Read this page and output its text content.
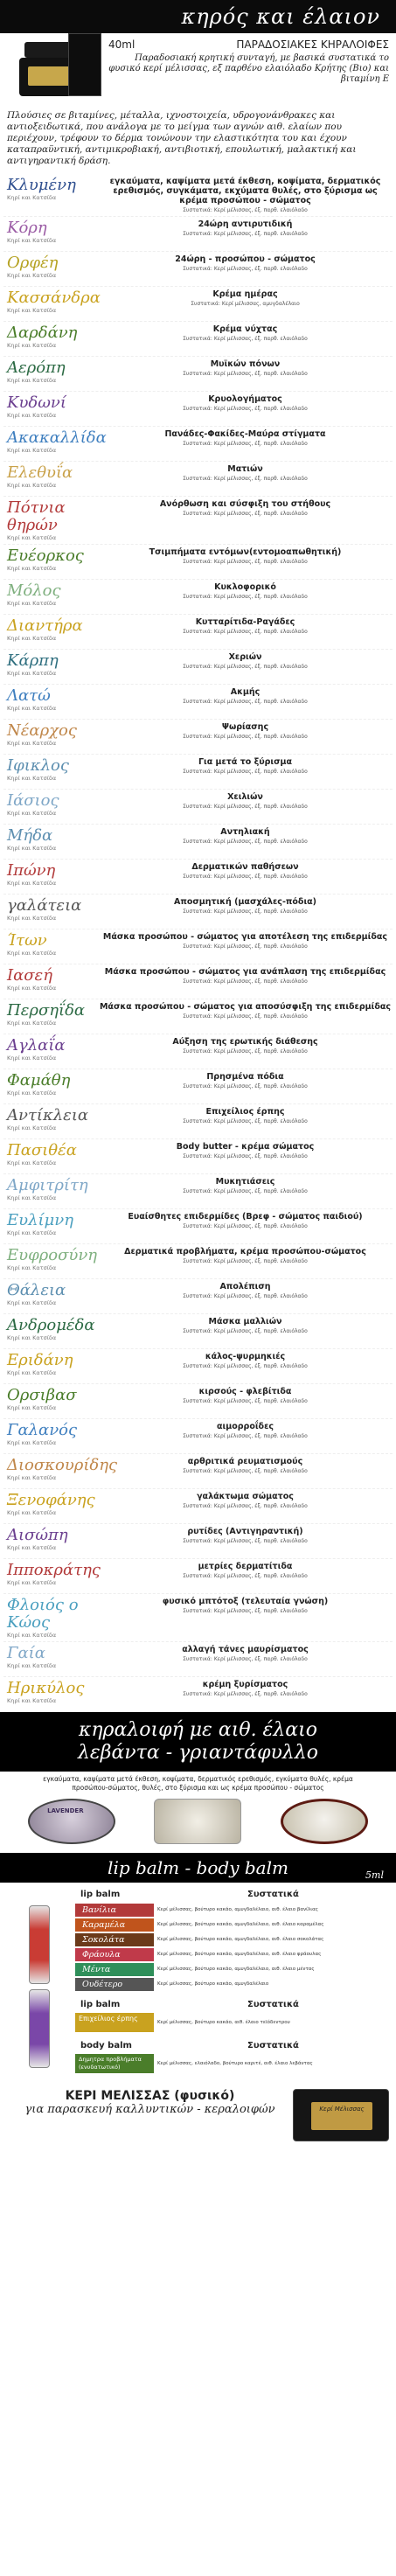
κηρός και έλαιον
40ml	ΠΑΡΑΔΟΣΙΑΚΕΣ ΚΗΡΑΛΟΙΦΕΣ
Παραδοσιακή κρητική συνταγή, με βασικά συστατικά το φυσικό κερί μέλισσας, εξ παρθένο ελαιόλαδο Κρήτης (Βιο) και βιταμίνη E
Πλούσιες σε βιταμίνες, μέταλλα, ιχνοστοιχεία, υδρογονάνθρακες και αντιοξειδωτικά, που ανάλογα με το μείγμα των αγνών αιθ. ελαίων που περιέχουν, τρέφουν το δέρμα τονώνουν την ελαστικότητα του και έχουν καταπραϋντική, αντιμικροβιακή, αντιβιοτική, επουλωτική, μαλακτική και αντιγηραντική δράση.
Κλυμένη
Κηρί και Κατσίδα
εγκαύματα, καψίματα μετά έκθεση, κοψίματα, δερματικός ερεθισμός, συγκάματα, εκχύματα θυλές, στο ξύρισμα ως κρέμα προσώπου - σώματος
Συστατικά: Κερί μέλισσας, έξ. παρθ. ελαιόλαδο
Κόρη
Κηρί και Κατσίδα
24ώρη αντιρυτιδική
Συστατικά: Κερί μέλισσας, έξ. παρθ. ελαιόλαδο
Ορφέη
Κηρί και Κατσίδα
24ώρη - προσώπου - σώματος
Συστατικά: Κερί μέλισσας, έξ. παρθ. ελαιόλαδο
Κασσάνδρα
Κηρί και Κατσίδα
Κρέμα ημέρας
Συστατικά: Κερί μέλισσας, αμυγδαλέλαιο
Δαρδάνη
Κηρί και Κατσίδα
Κρέμα νύχτας
Συστατικά: Κερί μέλισσας, έξ. παρθ. ελαιόλαδο
Αερόπη
Κηρί και Κατσίδα
Μυϊκών πόνων
Συστατικά: Κερί μέλισσας, έξ. παρθ. ελαιόλαδο
Κυδωνί
Κηρί και Κατσίδα
Κρυολογήματος
Συστατικά: Κερί μέλισσας, έξ. παρθ. ελαιόλαδο
Ακακαλλίδα
Κηρί και Κατσίδα
Πανάδες-Φακίδες-Μαύρα στίγματα
Συστατικά: Κερί μέλισσας, έξ. παρθ. ελαιόλαδο
Ελεθυΐα
Κηρί και Κατσίδα
Ματιών
Συστατικά: Κερί μέλισσας, έξ. παρθ. ελαιόλαδο
Πότνια θηρών
Κηρί και Κατσίδα
Ανόρθωση και σύσφιξη του στήθους
Συστατικά: Κερί μέλισσας, έξ. παρθ. ελαιόλαδο
Ευέορκος
Κηρί και Κατσίδα
Τσιμπήματα εντόμων(εντομοαπωθητική)
Συστατικά: Κερί μέλισσας, έξ. παρθ. ελαιόλαδο
Μόλος
Κηρί και Κατσίδα
Κυκλοφορικό
Συστατικά: Κερί μέλισσας, έξ. παρθ. ελαιόλαδο
Διαντήρα
Κηρί και Κατσίδα
Κυτταρίτιδα-Ραγάδες
Συστατικά: Κερί μέλισσας, έξ. παρθ. ελαιόλαδο
Κάρπη
Κηρί και Κατσίδα
Χεριών
Συστατικά: Κερί μέλισσας, έξ. παρθ. ελαιόλαδο
Λατώ
Κηρί και Κατσίδα
Ακμής
Συστατικά: Κερί μέλισσας, έξ. παρθ. ελαιόλαδο
Νέαρχος
Κηρί και Κατσίδα
Ψωρίασης
Συστατικά: Κερί μέλισσας, έξ. παρθ. ελαιόλαδο
Ιφικλος
Κηρί και Κατσίδα
Για μετά το ξύρισμα
Συστατικά: Κερί μέλισσας, έξ. παρθ. ελαιόλαδο
Ιάσιος
Κηρί και Κατσίδα
Χειλιών
Συστατικά: Κερί μέλισσας, έξ. παρθ. ελαιόλαδο
Μήδα
Κηρί και Κατσίδα
Αντηλιακή
Συστατικά: Κερί μέλισσας, έξ. παρθ. ελαιόλαδο
Ιπώνη
Κηρί και Κατσίδα
Δερματικών παθήσεων
Συστατικά: Κερί μέλισσας, έξ. παρθ. ελαιόλαδο
γαλάτεια
Κηρί και Κατσίδα
Αποσμητική (μασχάλες-πόδια)
Συστατικά: Κερί μέλισσας, έξ. παρθ. ελαιόλαδο
Ίτων
Κηρί και Κατσίδα
Μάσκα προσώπου - σώματος για αποτέλεση της επιδερμίδας
Συστατικά: Κερί μέλισσας, έξ. παρθ. ελαιόλαδο
Ιασεή
Κηρί και Κατσίδα
Μάσκα προσώπου - σώματος για ανάπλαση της επιδερμίδας
Συστατικά: Κερί μέλισσας, έξ. παρθ. ελαιόλαδο
Περσηΐδα
Κηρί και Κατσίδα
Μάσκα προσώπου - σώματος για αποσύσφιξη της επιδερμίδας
Συστατικά: Κερί μέλισσας, έξ. παρθ. ελαιόλαδο
Αγλαΐα
Κηρί και Κατσίδα
Αύξηση της ερωτικής διάθεσης
Συστατικά: Κερί μέλισσας, έξ. παρθ. ελαιόλαδο
Φαμάθη
Κηρί και Κατσίδα
Πρησμένα πόδια
Συστατικά: Κερί μέλισσας, έξ. παρθ. ελαιόλαδο
Αντίκλεια
Κηρί και Κατσίδα
Επιχείλιος έρπης
Συστατικά: Κερί μέλισσας, έξ. παρθ. ελαιόλαδο
Πασιθέα
Κηρί και Κατσίδα
Body butter - κρέμα σώματος
Συστατικά: Κερί μέλισσας, έξ. παρθ. ελαιόλαδο
Αμφιτρίτη
Κηρί και Κατσίδα
Μυκητιάσεις
Συστατικά: Κερί μέλισσας, έξ. παρθ. ελαιόλαδο
Ευλίμνη
Κηρί και Κατσίδα
Ευαίσθητες επιδερμίδες (Βρεφ - σώματος παιδιού)
Συστατικά: Κερί μέλισσας, έξ. παρθ. ελαιόλαδο
Ευφροσύνη
Κηρί και Κατσίδα
Δερματικά προβλήματα, κρέμα προσώπου-σώματος
Συστατικά: Κερί μέλισσας, έξ. παρθ. ελαιόλαδο
Θάλεια
Κηρί και Κατσίδα
Απολέπιση
Συστατικά: Κερί μέλισσας, έξ. παρθ. ελαιόλαδο
Ανδρομέδα
Κηρί και Κατσίδα
Μάσκα μαλλιών
Συστατικά: Κερί μέλισσας, έξ. παρθ. ελαιόλαδο
Εριδάνη
Κηρί και Κατσίδα
κάλος-ψυρμηκιές
Συστατικά: Κερί μέλισσας, έξ. παρθ. ελαιόλαδο
Ορσιβασ
Κηρί και Κατσίδα
κιρσούς - φλεβίτιδα
Συστατικά: Κερί μέλισσας, έξ. παρθ. ελαιόλαδο
Γαλανός
Κηρί και Κατσίδα
αιμορροΐδες
Συστατικά: Κερί μέλισσας, έξ. παρθ. ελαιόλαδο
Διοσκουρίδης
Κηρί και Κατσίδα
αρθριτικά ρευματισμούς
Συστατικά: Κερί μέλισσας, έξ. παρθ. ελαιόλαδο
Ξενοφάνης
Κηρί και Κατσίδα
γαλάκτωμα σώματος
Συστατικά: Κερί μέλισσας, έξ. παρθ. ελαιόλαδο
Αισώπη
Κηρί και Κατσίδα
ρυτίδες (Αντιγηραντική)
Συστατικά: Κερί μέλισσας, έξ. παρθ. ελαιόλαδο
Ιπποκράτης
Κηρί και Κατσίδα
μετρίες δερματίτιδα
Συστατικά: Κερί μέλισσας, έξ. παρθ. ελαιόλαδο
Φλοιός ο Κώος
Κηρί και Κατσίδα
φυσικό μπτότοξ (τελευταία γνώση)
Συστατικά: Κερί μέλισσας, έξ. παρθ. ελαιόλαδο
Γαία
Κηρί και Κατσίδα
αλλαγή τάνες μαυρίσματος
Συστατικά: Κερί μέλισσας, έξ. παρθ. ελαιόλαδο
Ηρικύλος
Κηρί και Κατσίδα
κρέμη ξυρίσματος
Συστατικά: Κερί μέλισσας, έξ. παρθ. ελαιόλαδο
κηραλοιφή με αιθ. έλαιο
λεβάντα - γριαντάφυλλο
εγκαύματα, καψίματα μετά έκθεση, κοψίματα, δερματικός ερεθισμός, εγκύματα θυλές, κρέμα προσώπου-σώματος, θυλές, στο ξύρισμα και ως κρέμα προσώπου - σώματος
LAVENDER
lip balm - body balm	5ml
lip balm	Συστατικά
Βανίλια	Κερί μέλισσας, βούτυρο κακάο, αμυγδαλέλαιο, αιθ. έλαιο βανίλιας
Καραμέλα	Κερί μέλισσας, βούτυρο κακάο, αμυγδαλέλαιο, αιθ. έλαιο καραμέλας
Σοκολάτα	Κερί μέλισσας, βούτυρο κακάο, αμυγδαλέλαιο, αιθ. έλαιο σοκολάτας
Φράουλα	Κερί μέλισσας, βούτυρο κακάο, αμυγδαλέλαιο, αιθ. έλαιο φράουλας
Μέντα	Κερί μέλισσας, βούτυρο κακάο, αμυγδαλέλαιο, αιθ. έλαιο μέντας
Ουδέτερο	Κερί μέλισσας, βούτυρο κακάο, αμυγδαλέλαιο
lip balm	Συστατικά
Επιχείλιος έρπης	Κερί μέλισσας, βούτυρο κακάο, αιθ. έλαιο τεϊόδεντρου
body balm	Συστατικά
Δημητρα προβλήματα (ενυδατωτικό)
Κερί μέλισσας, ελαιόλαδο, βούτυρο καριτέ, αιθ. έλαιο λεβάντας
ΚΕΡΙ ΜΕΛΙΣΣΑΣ (φυσικό)
για παρασκευή καλλυντικών - κεραλοιφών	Κερί Μέλισσας
